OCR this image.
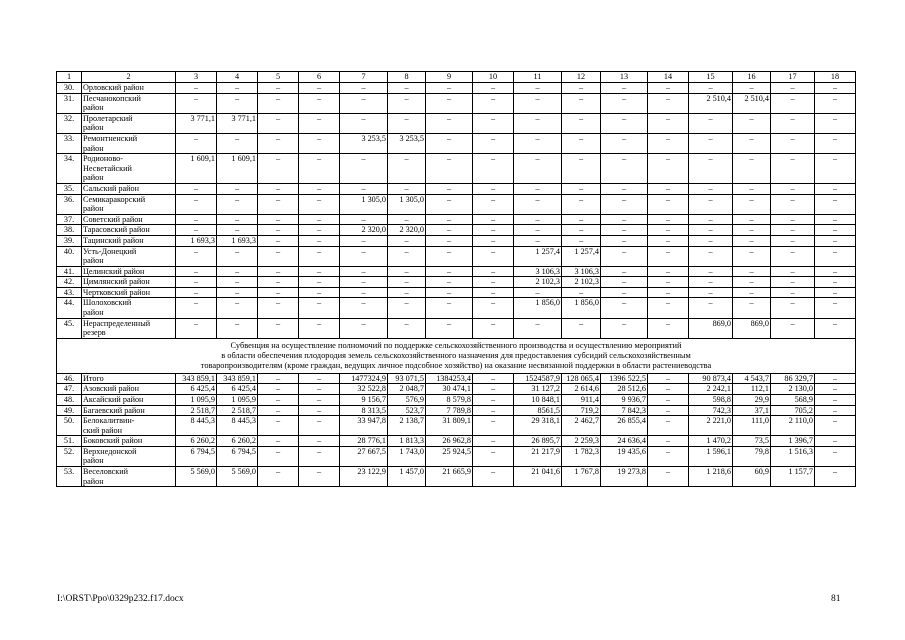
1	2	3	4	5	6	7	8	9	10	11	12	13	14	15	16	17	18
30.	Орловский район	–	–	–	–	–	–	–	–	–	–	–	–	–	–	–	–
31.	Песчанокопский
район	–	–	–	–	–	–	–	–	–	–	–	–	2 510,4	2 510,4	–	–
32.	Пролетарский
район	3 771,1	3 771,1	–	–	–	–	–	–	–	–	–	–	–	–	–	–
33.	Ремонтненский
район	–	–	–	–	3 253,5	3 253,5	–	–	–	–	–	–	–	–	–	–
34.	Родионово-
Несветайский
район	1 609,1	1 609,1	–	–	–	–	–	–	–	–	–	–	–	–	–	–
35.	Сальский район	–	–	–	–	–	–	–	–	–	–	–	–	–	–	–	–
36.	Семикаракорский
район	–	–	–	–	1 305,0	1 305,0	–	–	–	–	–	–	–	–	–	–
37.	Советский район	–	–	–	–	–	–	–	–	–	–	–	–	–	–	–	–
38.	Тарасовский район	–	–	–	–	2 320,0	2 320,0	–	–	–	–	–	–	–	–	–	–
39.	Тацинский район	1 693,3	1 693,3	–	–	–	–	–	–	–	–	–	–	–	–	–	–
40.	Усть-Донецкий
район	–	–	–	–	–	–	–	–	1 257,4	1 257,4	–	–	–	–	–	–
41.	Целинский район	–	–	–	–	–	–	–	–	3 106,3	3 106,3	–	–	–	–	–	–
42.	Цимлянский район	–	–	–	–	–	–	–	–	2 102,3	2 102,3	–	–	–	–	–	–
43.	Чертковский район	–	–	–	–	–	–	–	–	–	–	–	–	–	–	–	–
44.	Шолоховский
район	–	–	–	–	–	–	–	–	1 856,0	1 856,0	–	–	–	–	–	–
45.	Нераспределенный
резерв	–	–	–	–	–	–	–	–	–	–	–	–	869,0	869,0	–	–

Субвенция на осуществление полномочий по поддержке сельскохозяйственного производства и осуществлению мероприятий
в области обеспечения плодородия земель сельскохозяйственного назначения для предоставления субсидий сельскохозяйственным
товаропроизводителям (кроме граждан, ведущих личное подсобное хозяйство) на оказание несвязанной поддержки в области растениеводства																	

46.	Итого	343 859,1	343 859,1	–	–	1477324,9	93 071,5	1384253,4	–	1524587,9	128 065,4	1396 522,5	–	90 873,4	4 543,7	86 329,7	–
47.	Азовский район	6 425,4	6 425,4	–	–	32 522,8	2 048,7	30 474,1	–	31 127,2	2 614,6	28 512,6	–	2 242,1	112,1	2 130,0	–
48.	Аксайский район	1 095,9	1 095,9	–	–	9 156,7	576,9	8 579,8	–	10 848,1	911,4	9 936,7	–	598,8	29,9	568,9	–
49.	Багаевский район	2 518,7	2 518,7	–	–	8 313,5	523,7	7 789,8	–	8561,5	719,2	7 842,3	–	742,3	37,1	705,2	–
50.	Белокалитвин-
ский район	8 445,3	8 445,3	–	–	33 947,8	2 138,7	31 809,1	–	29 318,1	2 462,7	26 855,4	–	2 221,0	111,0	2 110,0	–
51.	Боковский район	6 260,2	6 260,2	–	–	28 776,1	1 813,3	26 962,8	–	26 895,7	2 259,3	24 636,4	–	1 470,2	73,5	1 396,7	–
52.	Верхнедонской
район	6 794,5	6 794,5	–	–	27 667,5	1 743,0	25 924,5	–	21 217,9	1 782,3	19 435,6	–	1 596,1	79,8	1 516,3	–
53.	Веселовский
район	5 569,0	5 569,0	–	–	23 122,9	1 457,0	21 665,9	–	21 041,6	1 767,8	19 273,8	–	1 218,6	60,9	1 157,7	–
I:\ORST\Ppo\0329p232.f17.docx	81
